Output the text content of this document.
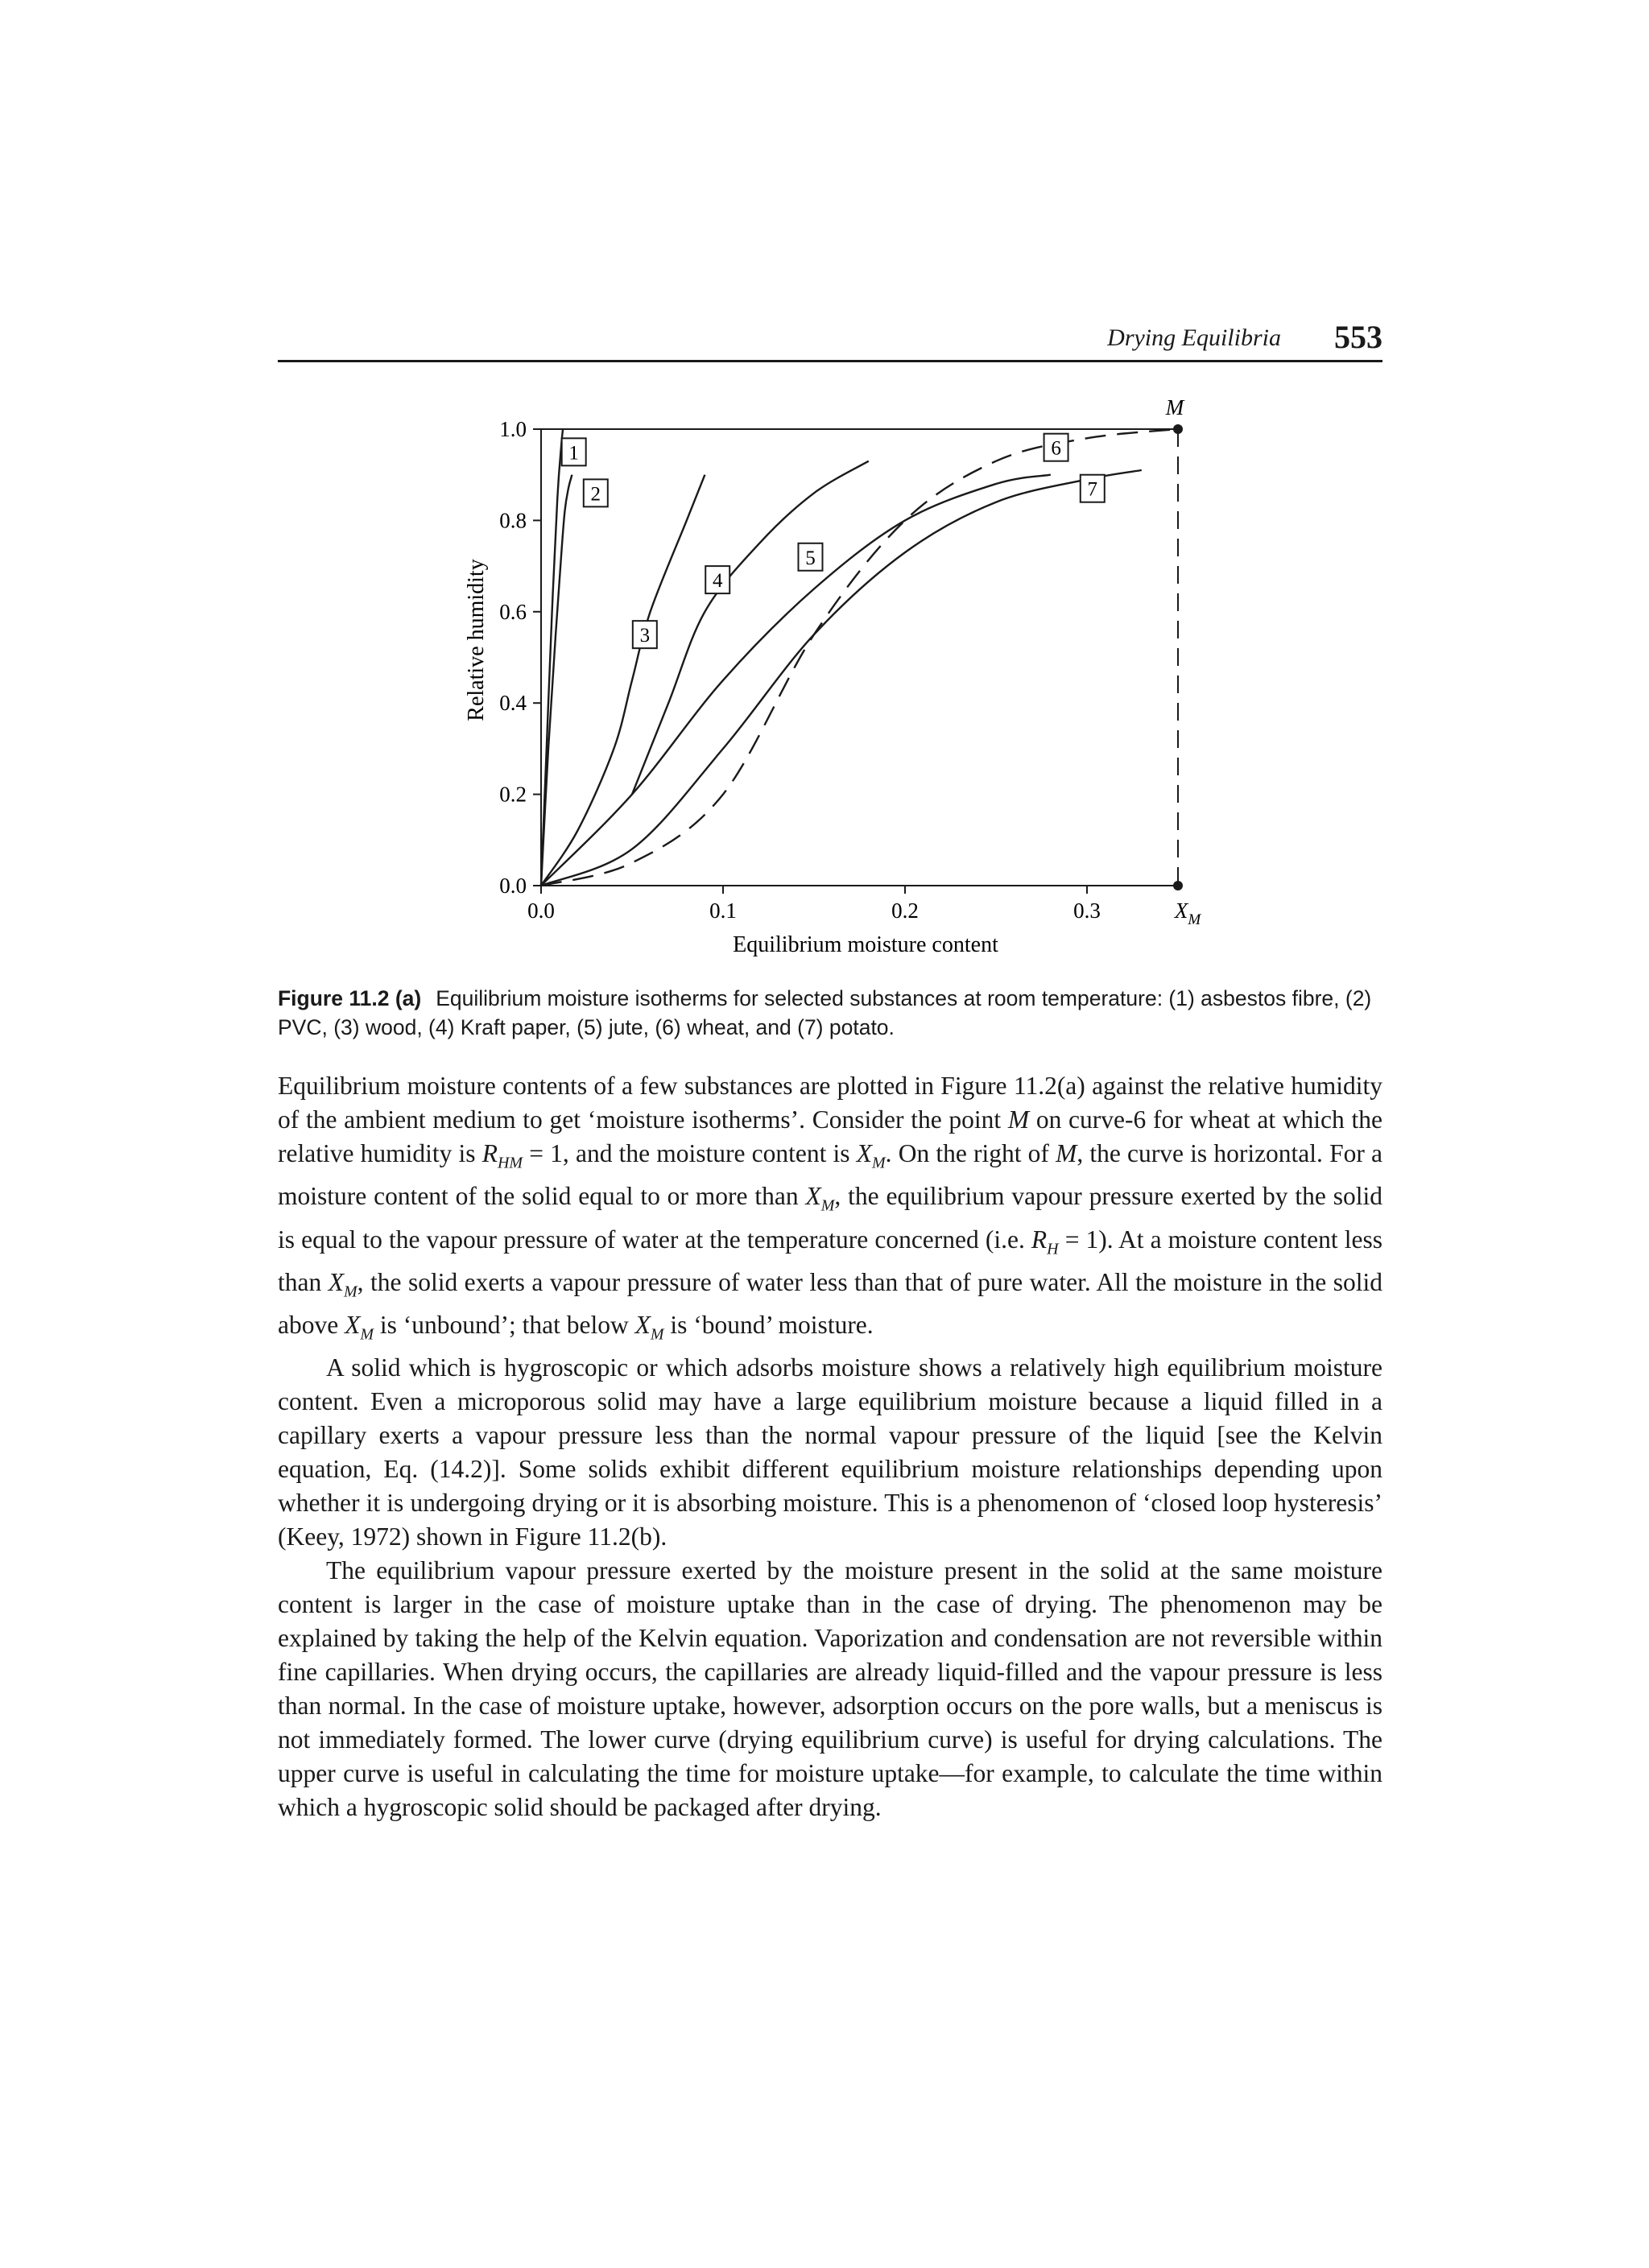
Drying Equilibria 553
0.0	0.1	0.2	0.3	$X_M$
0.0
0.2
0.4
0.6
0.8
1.0
M
1
2
3
4
5
6
7
Equilibrium moisture content
Relative humidity
Figure 11.2 (a) Equilibrium moisture isotherms for selected substances at room temperature: (1) asbestos fibre, (2) PVC, (3) wood, (4) Kraft paper, (5) jute, (6) wheat, and (7) potato.

Equilibrium moisture contents of a few substances are plotted in Figure 11.2(a) against the relative humidity of the ambient medium to get ‘moisture isotherms’. Consider the point M on curve-6 for wheat at which the relative humidity is $R_{HM} = 1$, and the moisture content is $X_M$. On the right of M, the curve is horizontal. For a moisture content of the solid equal to or more than $X_M$, the equilibrium vapour pressure exerted by the solid is equal to the vapour pressure of water at the temperature concerned (i.e. $R_H = 1$). At a moisture content less than $X_M$, the solid exerts a vapour pressure of water less than that of pure water. All the moisture in the solid above $X_M$ is ‘unbound’; that below $X_M$ is ‘bound’ moisture.

A solid which is hygroscopic or which adsorbs moisture shows a relatively high equilibrium moisture content. Even a microporous solid may have a large equilibrium moisture because a liquid filled in a capillary exerts a vapour pressure less than the normal vapour pressure of the liquid [see the Kelvin equation, Eq. (14.2)]. Some solids exhibit different equilibrium moisture relationships depending upon whether it is undergoing drying or it is absorbing moisture. This is a phenomenon of ‘closed loop hysteresis’ (Keey, 1972) shown in Figure 11.2(b).

The equilibrium vapour pressure exerted by the moisture present in the solid at the same moisture content is larger in the case of moisture uptake than in the case of drying. The phenomenon may be explained by taking the help of the Kelvin equation. Vaporization and condensation are not reversible within fine capillaries. When drying occurs, the capillaries are already liquid-filled and the vapour pressure is less than normal. In the case of moisture uptake, however, adsorption occurs on the pore walls, but a meniscus is not immediately formed. The lower curve (drying equilibrium curve) is useful for drying calculations. The upper curve is useful in calculating the time for moisture uptake—for example, to calculate the time within which a hygroscopic solid should be packaged after drying.
